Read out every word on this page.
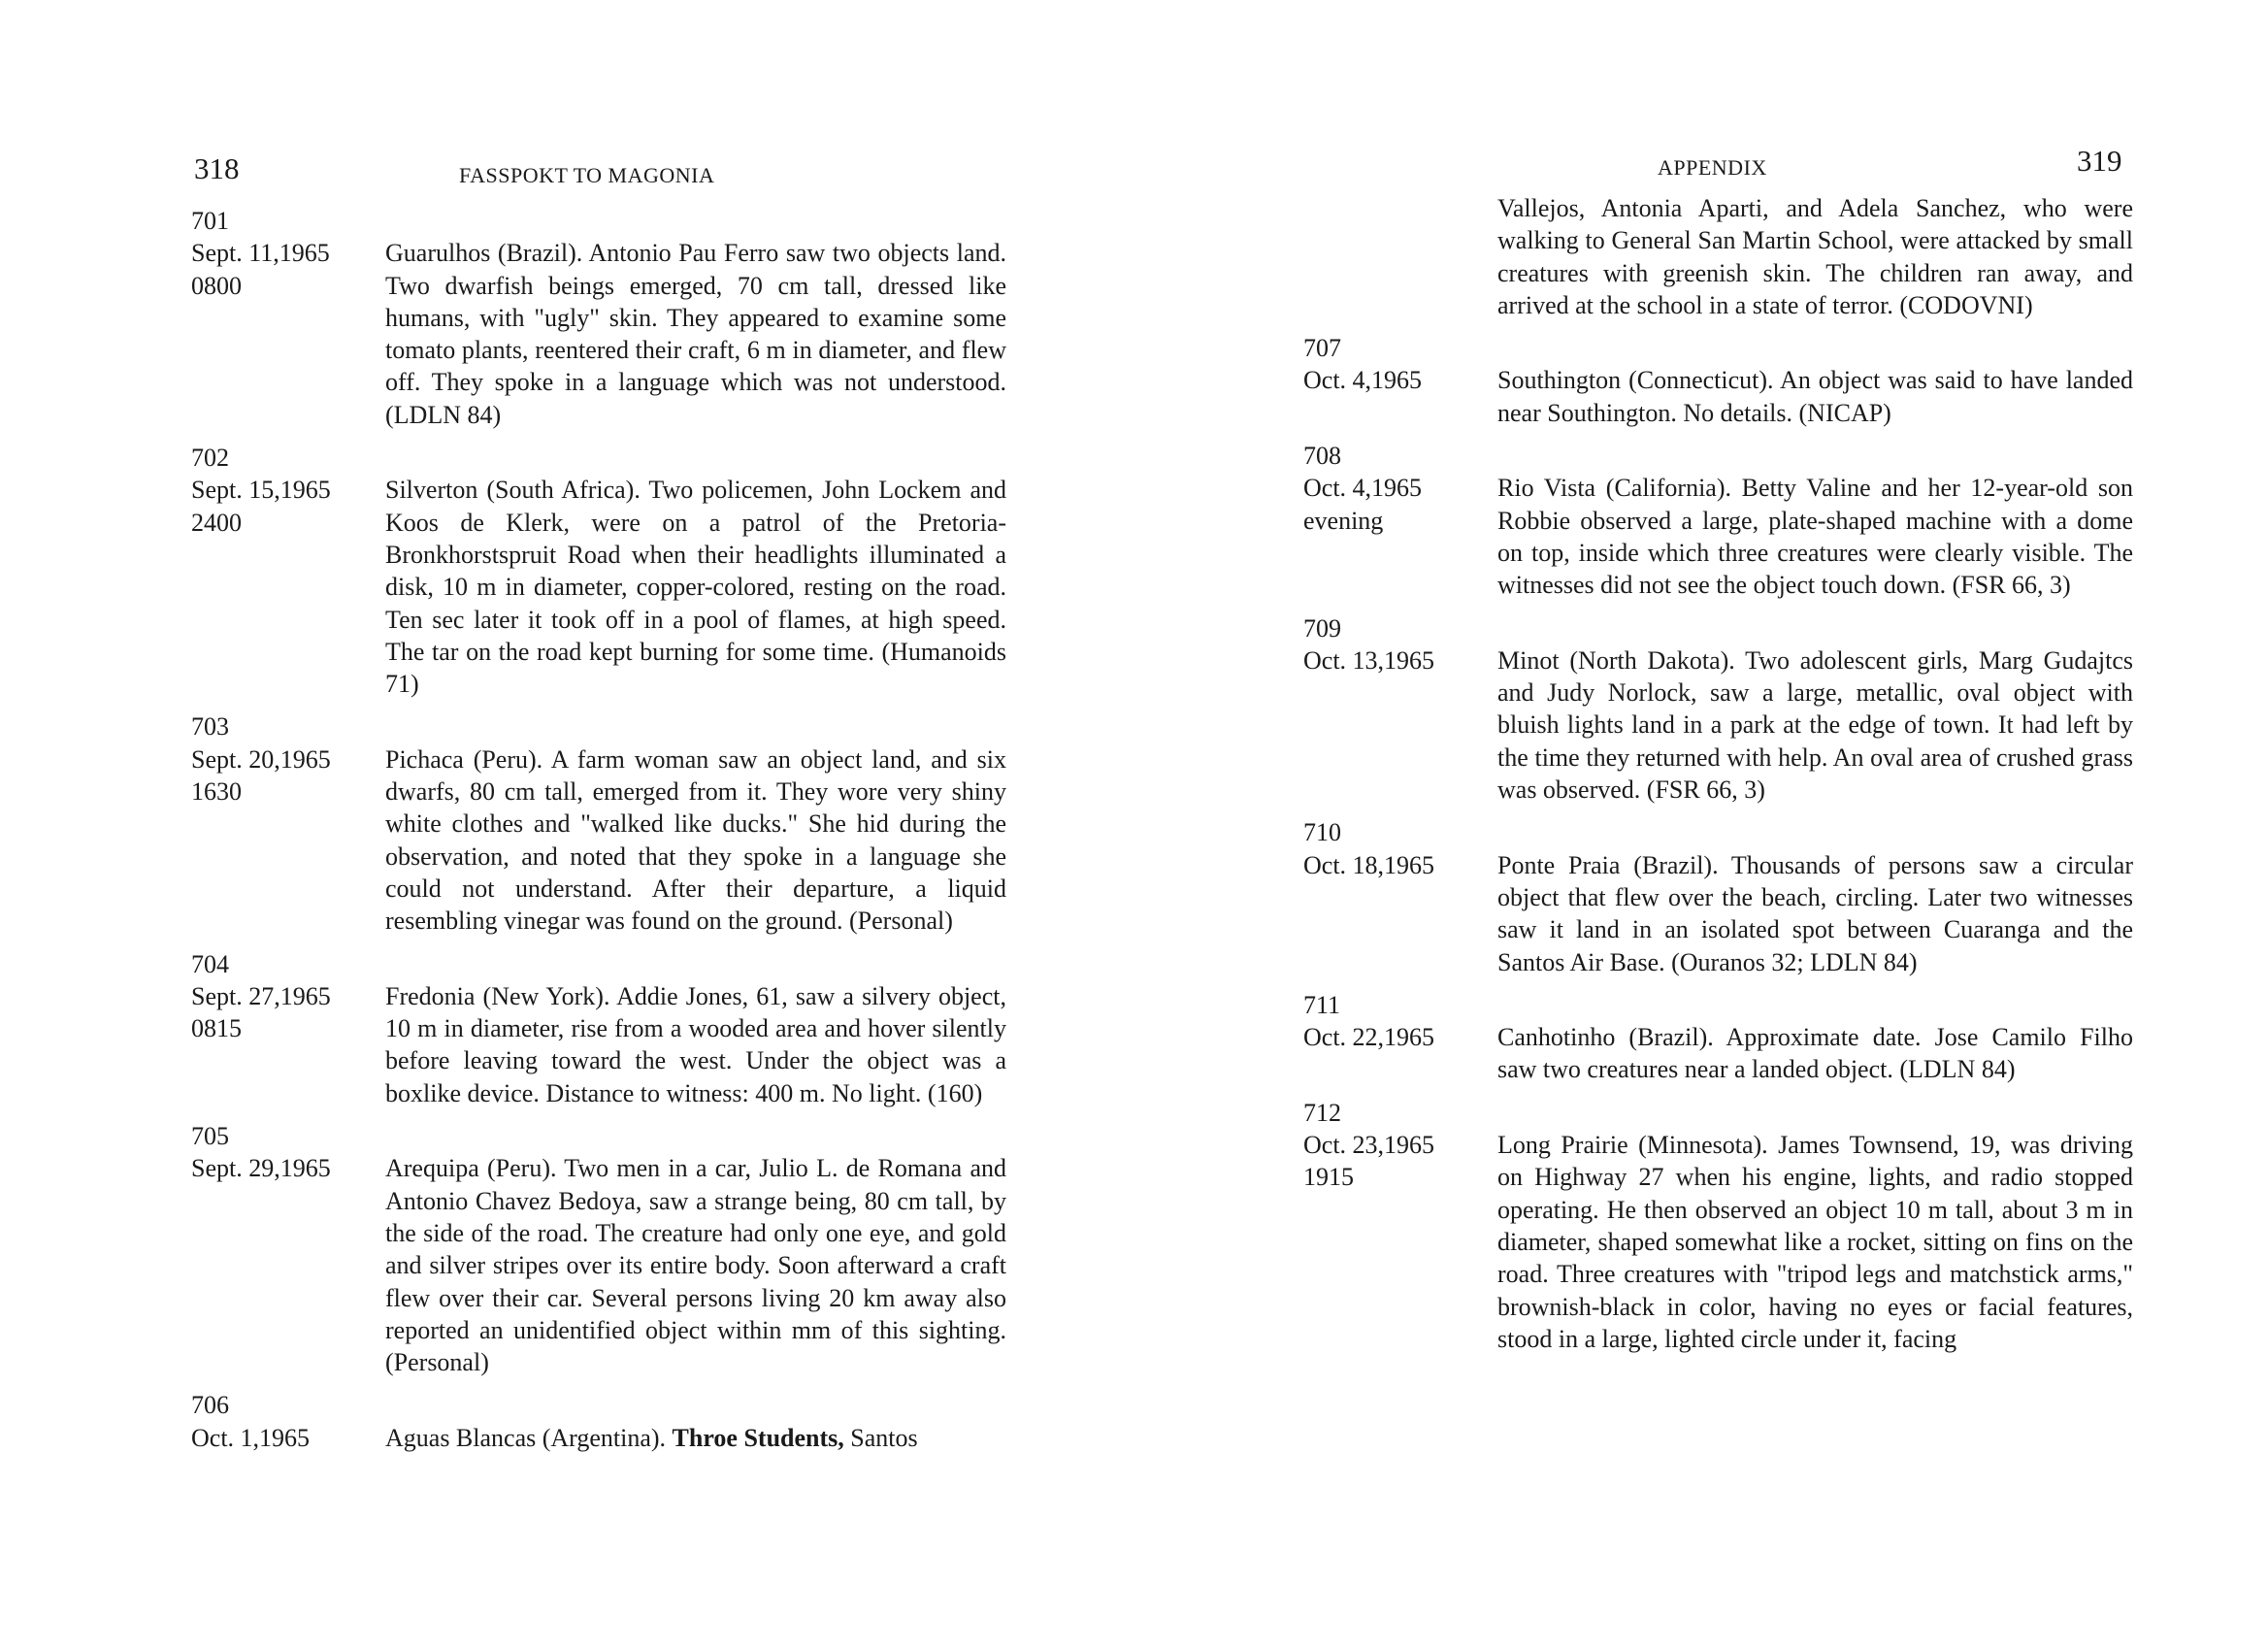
318	FASSPOKT TO MAGONIA
701
Sept. 11,1965
0800
Guarulhos (Brazil). Antonio Pau Ferro saw two objects land. Two dwarfish beings emerged, 70 cm tall, dressed like humans, with "ugly" skin. They appeared to examine some tomato plants, reentered their craft, 6 m in diameter, and flew off. They spoke in a language which was not understood. (LDLN 84)
702
Sept. 15,1965
2400
Silverton (South Africa). Two policemen, John Lockem and Koos de Klerk, were on a patrol of the Pretoria-Bronkhorstspruit Road when their headlights illuminated a disk, 10 m in diameter, copper-colored, resting on the road. Ten sec later it took off in a pool of flames, at high speed. The tar on the road kept burning for some time. (Humanoids 71)
703
Sept. 20,1965
1630
Pichaca (Peru). A farm woman saw an object land, and six dwarfs, 80 cm tall, emerged from it. They wore very shiny white clothes and "walked like ducks." She hid during the observation, and noted that they spoke in a language she could not understand. After their departure, a liquid resembling vinegar was found on the ground. (Personal)
704
Sept. 27,1965
0815
Fredonia (New York). Addie Jones, 61, saw a silvery object, 10 m in diameter, rise from a wooded area and hover silently before leaving toward the west. Under the object was a boxlike device. Distance to witness: 400 m. No light. (160)
705
Sept. 29,1965	Arequipa (Peru). Two men in a car, Julio L. de Romana and Antonio Chavez Bedoya, saw a strange being, 80 cm tall, by the side of the road. The creature had only one eye, and gold and silver stripes over its entire body. Soon afterward a craft flew over their car. Several persons living 20 km away also reported an unidentified object within mm of this sighting. (Personal)
706
Oct. 1,1965	Aguas Blancas (Argentina). Throe Students, Santos
APPENDIX	319
Vallejos, Antonia Aparti, and Adela Sanchez, who were walking to General San Martin School, were attacked by small creatures with greenish skin. The children ran away, and arrived at the school in a state of terror. (CODOVNI)
707
Oct. 4,1965	Southington (Connecticut). An object was said to have landed near Southington. No details. (NICAP)
708
Oct. 4,1965
evening
Rio Vista (California). Betty Valine and her 12-year-old son Robbie observed a large, plate-shaped machine with a dome on top, inside which three creatures were clearly visible. The witnesses did not see the object touch down. (FSR 66, 3)
709
Oct. 13,1965	Minot (North Dakota). Two adolescent girls, Marg Gudajtcs and Judy Norlock, saw a large, metallic, oval object with bluish lights land in a park at the edge of town. It had left by the time they returned with help. An oval area of crushed grass was observed. (FSR 66, 3)
710
Oct. 18,1965	Ponte Praia (Brazil). Thousands of persons saw a circular object that flew over the beach, circling. Later two witnesses saw it land in an isolated spot between Cuaranga and the Santos Air Base. (Ouranos 32; LDLN 84)
711
Oct. 22,1965	Canhotinho (Brazil). Approximate date. Jose Camilo Filho saw two creatures near a landed object. (LDLN 84)
712
Oct. 23,1965
1915
Long Prairie (Minnesota). James Townsend, 19, was driving on Highway 27 when his engine, lights, and radio stopped operating. He then observed an object 10 m tall, about 3 m in diameter, shaped somewhat like a rocket, sitting on fins on the road. Three creatures with "tripod legs and matchstick arms," brownish-black in color, having no eyes or facial features, stood in a large, lighted circle under it, facing
